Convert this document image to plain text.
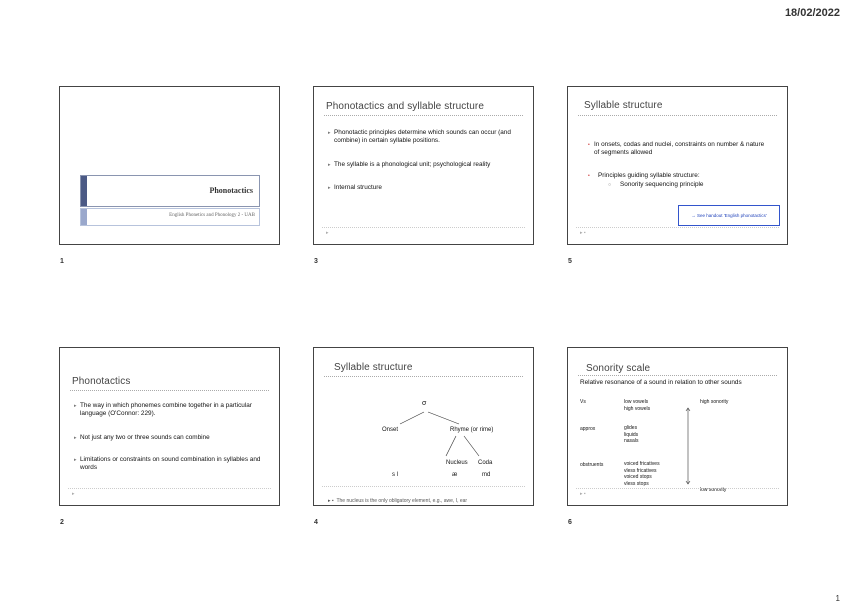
18/02/2022
1
Phonotactics
English Phonetics and Phonology 2 - UAB
1
Phonotactics and syllable structure
▸ Phonotactic principles determine which sounds can occur (and combine) in certain syllable positions.
▸ The syllable is a phonological unit; psychological reality
▸ Internal structure
▸
3
Syllable structure
• In onsets, codas and nuclei, constraints on number & nature of segments allowed
• Principles guiding syllable structure:
○ Sonority sequencing principle
→ See handout 'English phonotactics'
▸ ▪
5
Phonotactics
▸ The way in which phonemes combine together in a particular language (O'Connor: 229).
▸ Not just any two or three sounds can combine
▸ Limitations or constraints on sound combination in syllables and words
▸
2
Syllable structure
σ
Onset	Rhyme (or rime)
Nucleus Coda
s l	æ	md
▸ ▪  The nucleus is the only obligatory element, e.g., awe, I, ear
4
Sonority scale
Relative resonance of a sound in relation to other sounds
Vs	low vowels
high vowels
high sonority
approx	glides
liquids
nasals
obstruents	voiced fricatives
vless fricatives
voiced stops
vless stops
low sonority
▸ ▪
6
